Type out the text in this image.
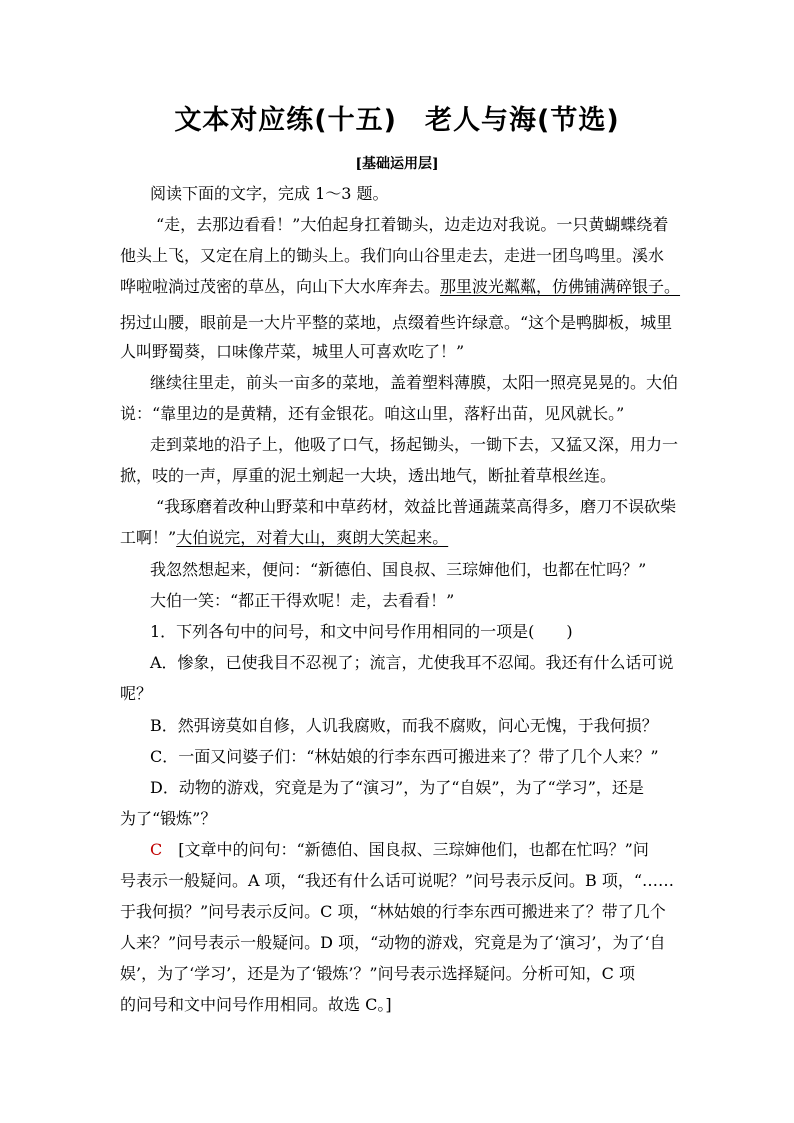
文本对应练(十五)　老人与海(节选)
[基础运用层]
阅读下面的文字，完成 1～3 题。
“走，去那边看看！”大伯起身扛着锄头，边走边对我说。一只黄蝴蝶绕着
他头上飞，又定在肩上的锄头上。我们向山谷里走去，走进一团鸟鸣里。溪水
哗啦啦淌过茂密的草丛，向山下大水库奔去。那里波光粼粼，仿佛铺满碎银子。
拐过山腰，眼前是一大片平整的菜地，点缀着些许绿意。“这个是鸭脚板，城里
人叫野蜀葵，口味像芹菜，城里人可喜欢吃了！”
继续往里走，前头一亩多的菜地，盖着塑料薄膜，太阳一照亮晃晃的。大伯
说：“靠里边的是黄精，还有金银花。咱这山里，落籽出苗，见风就长。”
走到菜地的沿子上，他吸了口气，扬起锄头，一锄下去，又猛又深，用力一
掀，吱的一声，厚重的泥土剜起一大块，透出地气，断扯着草根丝连。
“我琢磨着改种山野菜和中草药材，效益比普通蔬菜高得多，磨刀不误砍柴
工啊！”大伯说完，对着大山，爽朗大笑起来。
我忽然想起来，便问：“新德伯、国良叔、三琮婶他们，也都在忙吗？”
大伯一笑：“都正干得欢呢！走，去看看！”
1．下列各句中的问号，和文中问号作用相同的一项是(　　)
A．惨象，已使我目不忍视了；流言，尤使我耳不忍闻。我还有什么话可说
呢？
B．然弭谤莫如自修，人讥我腐败，而我不腐败，问心无愧，于我何损？
C．一面又问婆子们：“林姑娘的行李东西可搬进来了？带了几个人来？”
D．动物的游戏，究竟是为了“演习”，为了“自娱”，为了“学习”，还是
为了“锻炼”？
C　[文章中的问句：“新德伯、国良叔、三琮婶他们，也都在忙吗？”问
号表示一般疑问。A 项，“我还有什么话可说呢？”问号表示反问。B 项，“……
于我何损？”问号表示反问。C 项，“林姑娘的行李东西可搬进来了？带了几个
人来？”问号表示一般疑问。D 项，“动物的游戏，究竟是为了‘演习’，为了‘自
娱’，为了‘学习’，还是为了‘锻炼’？”问号表示选择疑问。分析可知，C 项
的问号和文中问号作用相同。故选 C。]
